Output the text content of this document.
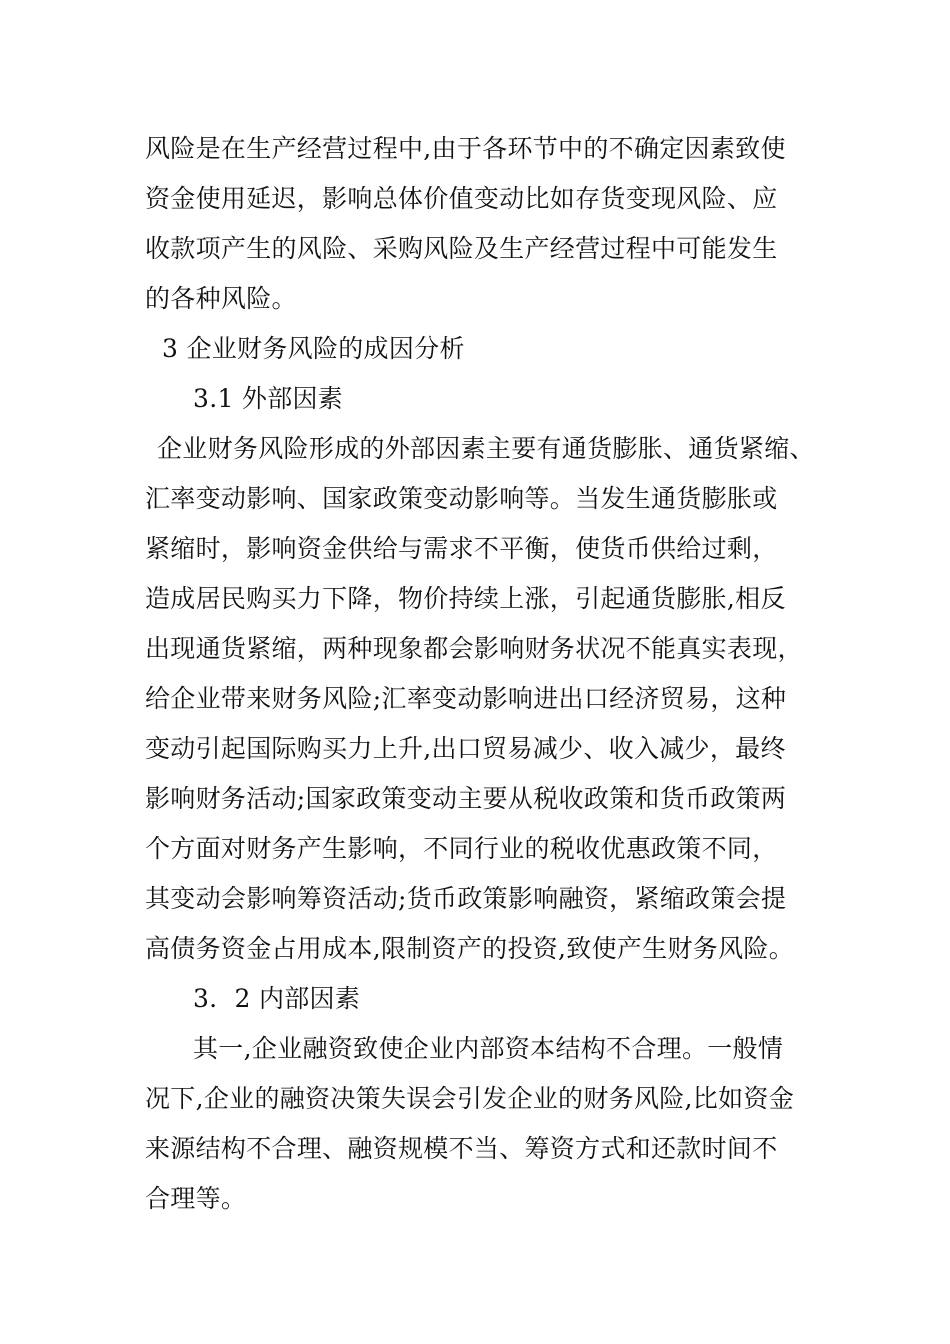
风险是在生产经营过程中,由于各环节中的不确定因素致使
资金使用延迟，影响总体价值变动比如存货变现风险、应
收款项产生的风险、采购风险及生产经营过程中可能发生
的各种风险。
3 企业财务风险的成因分析
3.1 外部因素
企业财务风险形成的外部因素主要有通货膨胀、通货紧缩、
汇率变动影响、国家政策变动影响等。当发生通货膨胀或
紧缩时，影响资金供给与需求不平衡，使货币供给过剩，
造成居民购买力下降，物价持续上涨，引起通货膨胀,相反
出现通货紧缩，两种现象都会影响财务状况不能真实表现，
给企业带来财务风险;汇率变动影响进出口经济贸易，这种
变动引起国际购买力上升,出口贸易减少、收入减少，最终
影响财务活动;国家政策变动主要从税收政策和货币政策两
个方面对财务产生影响，不同行业的税收优惠政策不同，
其变动会影响筹资活动;货币政策影响融资，紧缩政策会提
高债务资金占用成本,限制资产的投资,致使产生财务风险。
3．2 内部因素
其一,企业融资致使企业内部资本结构不合理。一般情
况下,企业的融资决策失误会引发企业的财务风险,比如资金
来源结构不合理、融资规模不当、筹资方式和还款时间不
合理等。
